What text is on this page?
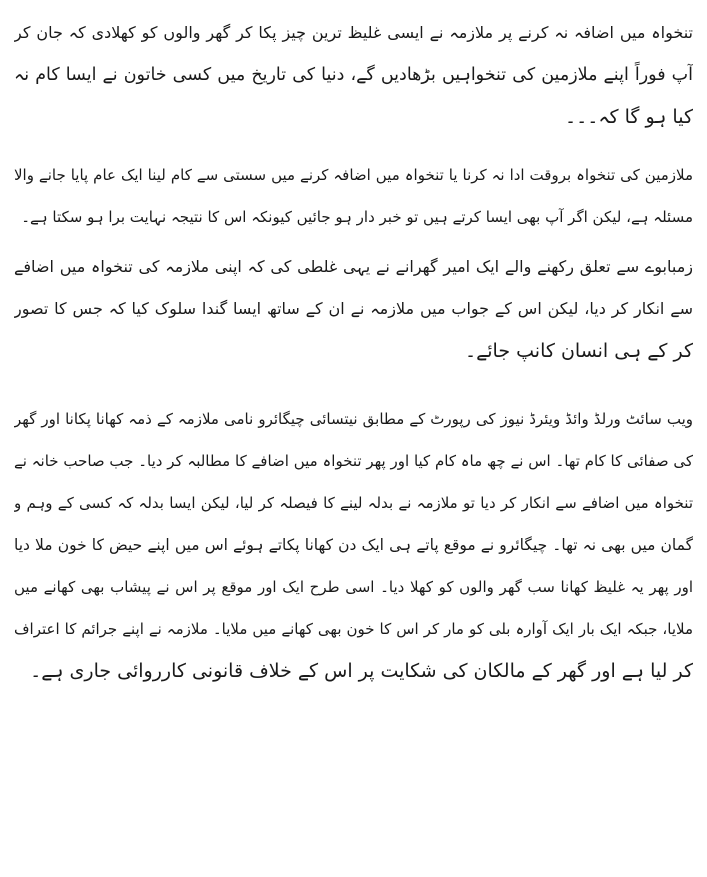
تنخواہ میں اضافہ نہ کرنے پر ملازمہ نے ایسی غلیظ ترین چیز پکا کر گھر والوں کو کھلادی کہ جان کر
آپ فوراً اپنے ملازمین کی تنخواہیں بڑھادیں گے، دنیا کی تاریخ میں کسی خاتون نے ایسا کام نہ
کیا ہو گا کہ۔۔۔
ملازمین کی تنخواہ بروقت ادا نہ کرنا یا تنخواہ میں اضافہ کرنے میں سستی سے کام لینا ایک عام پایا جانے والا
مسئلہ ہے، لیکن اگر آپ بھی ایسا کرتے ہیں تو خبر دار ہو جائیں کیونکہ اس کا نتیجہ نہایت برا ہو سکتا ہے۔
زمبابوے سے تعلق رکھنے والے ایک امیر گھرانے نے یہی غلطی کی کہ اپنی ملازمہ کی تنخواہ میں اضافے
سے انکار کر دیا، لیکن اس کے جواب میں ملازمہ نے ان کے ساتھ ایسا گندا سلوک کیا کہ جس کا تصور
کر کے ہی انسان کانپ جائے۔
ویب سائٹ ورلڈ وائڈ ویئرڈ نیوز کی رپورٹ کے مطابق نیتسائی چیگائرو نامی ملازمہ کے ذمہ کھانا پکانا اور گھر
کی صفائی کا کام تھا۔ اس نے چھ ماہ کام کیا اور پھر تنخواہ میں اضافے کا مطالبہ کر دیا۔ جب صاحب خانہ نے
تنخواہ میں اضافے سے انکار کر دیا تو ملازمہ نے بدلہ لینے کا فیصلہ کر لیا، لیکن ایسا بدلہ کہ کسی کے وہم و
گمان میں بھی نہ تھا۔ چیگائرو نے موقع پاتے ہی ایک دن کھانا پکاتے ہوئے اس میں اپنے حیض کا خون ملا دیا
اور پھر یہ غلیظ کھانا سب گھر والوں کو کھلا دیا۔ اسی طرح ایک اور موقع پر اس نے پیشاب بھی کھانے میں
ملایا، جبکہ ایک بار ایک آوارہ بلی کو مار کر اس کا خون بھی کھانے میں ملایا۔ ملازمہ نے اپنے جرائم کا اعتراف
کر لیا ہے اور گھر کے مالکان کی شکایت پر اس کے خلاف قانونی کارروائی جاری ہے۔
